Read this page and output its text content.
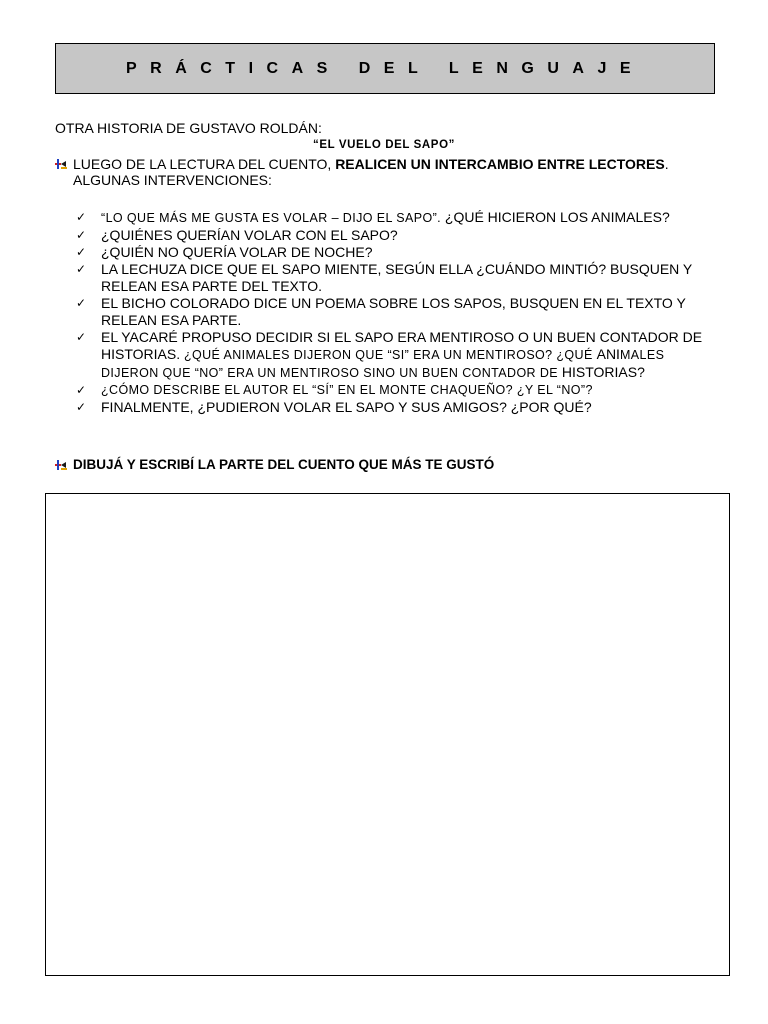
PRÁCTICAS DEL LENGUAJE
OTRA HISTORIA DE GUSTAVO ROLDÁN:
“EL VUELO DEL SAPO”
LUEGO DE LA LECTURA DEL CUENTO, REALICEN UN INTERCAMBIO ENTRE LECTORES.
ALGUNAS INTERVENCIONES:
✓	“LO QUE MÁS ME GUSTA ES VOLAR – DIJO EL SAPO”. ¿QUÉ HICIERON LOS ANIMALES?
✓	¿QUIÉNES QUERÍAN VOLAR CON EL SAPO?
✓	¿QUIÉN NO QUERÍA VOLAR DE NOCHE?
✓	LA LECHUZA DICE QUE EL SAPO MIENTE, SEGÚN ELLA ¿CUÁNDO MINTIÓ? BUSQUEN Y RELEAN ESA PARTE DEL TEXTO.
✓	EL BICHO COLORADO DICE UN POEMA SOBRE LOS SAPOS, BUSQUEN EN EL TEXTO Y RELEAN ESA PARTE.
✓	EL YACARÉ PROPUSO DECIDIR SI EL SAPO ERA MENTIROSO O UN BUEN CONTADOR DE HISTORIAS. ¿QUÉ ANIMALES DIJERON QUE “SI” ERA UN MENTIROSO? ¿QUÉ ANIMALES DIJERON QUE “NO” ERA UN MENTIROSO SINO UN BUEN CONTADOR DE HISTORIAS?
✓	¿CÓMO DESCRIBE EL AUTOR EL “SÍ” EN EL MONTE CHAQUEÑO? ¿Y EL “NO”?
✓	FINALMENTE, ¿PUDIERON VOLAR EL SAPO Y SUS AMIGOS? ¿POR QUÉ?
DIBUJÁ Y ESCRIBÍ LA PARTE DEL CUENTO QUE MÁS TE GUSTÓ
